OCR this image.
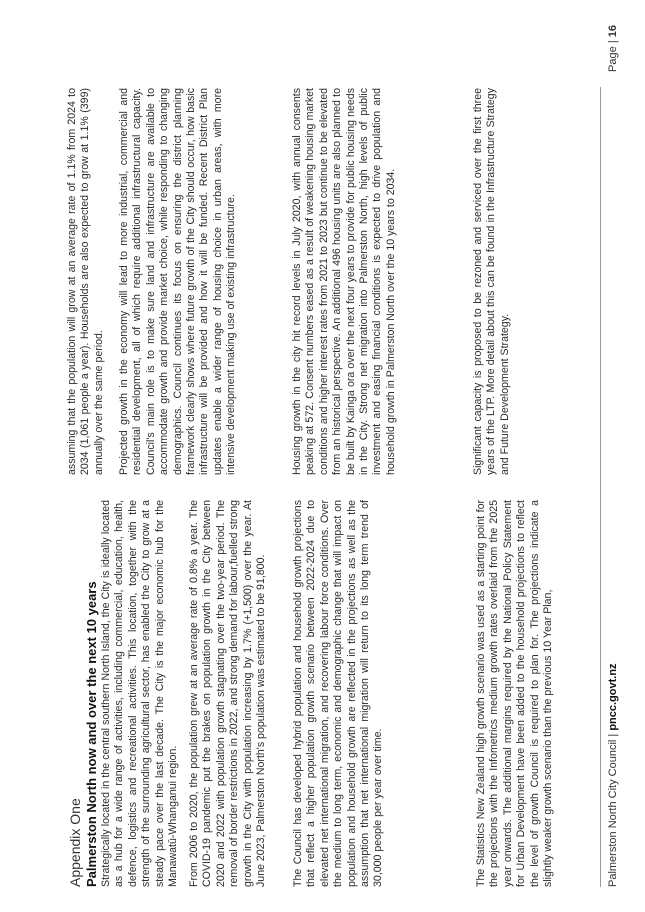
Appendix One Palmerston North now and over the next 10 years Strategically located in the central southern North Island, the City is ideally located as a hub for a wide range of activities, including commercial, education, health, defence, logistics and recreational activities. This location, together with the strength of the surrounding agricultural sector, has enabled the City to grow at a steady pace over the last decade. The City is the major economic hub for the Manawatū-Whanganui region. From 2006 to 2020, the population grew at an average rate of 0.8% a year. The COVID-19 pandemic put the brakes on population growth in the City between 2020 and 2022 with population growth stagnating over the two-year period. The removal of border restrictions in 2022, and strong demand for labour,fuelled strong growth in the City with population increasing by 1.7% (+1,500) over the year. At June 2023, Palmerston North's population was estimated to be 91,800. The Council has developed hybrid population and household growth projections that reflect a higher population growth scenario between 2022-2024 due to elevated net international migration, and recovering labour force conditions. Over the medium to long term, economic and demographic change that will impact on population and household growth are reflected in the projections as well as the assumption that net international migration will return to its long term trend of 30,000 people per year over time.	The Statistics New Zealand high growth scenario was used as a starting point for the projections with the Infometrics medium growth rates overlaid from the 2025 year onwards. The additional margins required by the National Policy Statement for Urban Development have been added to the household projections to reflect the level of growth Council is required to plan for. The projections indicate a slightly weaker growth scenario than the previous 10 Year Plan,

assuming that the population will grow at an average rate of 1.1% from 2024 to 2034 (1,061 people a year). Households are also expected to grow at 1.1% (399) annually over the same period. Projected growth in the economy will lead to more industrial, commercial and residential development, all of which require additional infrastructural capacity. Council's main role is to make sure land and infrastructure are available to accommodate growth and provide market choice, while responding to changing demographics. Council continues its focus on ensuring the district planning framework clearly shows where future growth of the City should occur, how basic infrastructure will be provided and how it will be funded. Recent District Plan updates enable a wider range of housing choice in urban areas, with more intensive development making use of existing infrastructure.	Housing growth in the city hit record levels in July 2020, with annual consents peaking at 572. Consent numbers eased as a result of weakening housing market conditions and higher interest rates from 2021 to 2023 but continue to be elevated from an historical perspective. An additional 496 housing units are also planned to be built by Kainga ora over the next four years to provide for public housing needs in the City. Strong net migration into Palmerston North, high levels of public investment and easing financial conditions is expected to drive population and household growth in Palmerston North over the 10 years to 2034.	Significant capacity is proposed to be rezoned and serviced over the first three years of the LTP. More detail about this can be found in the Infrastructure Strategy and Future Development Strategy.

Palmerston North City Council | pncc.govt.nz
Page | 16
